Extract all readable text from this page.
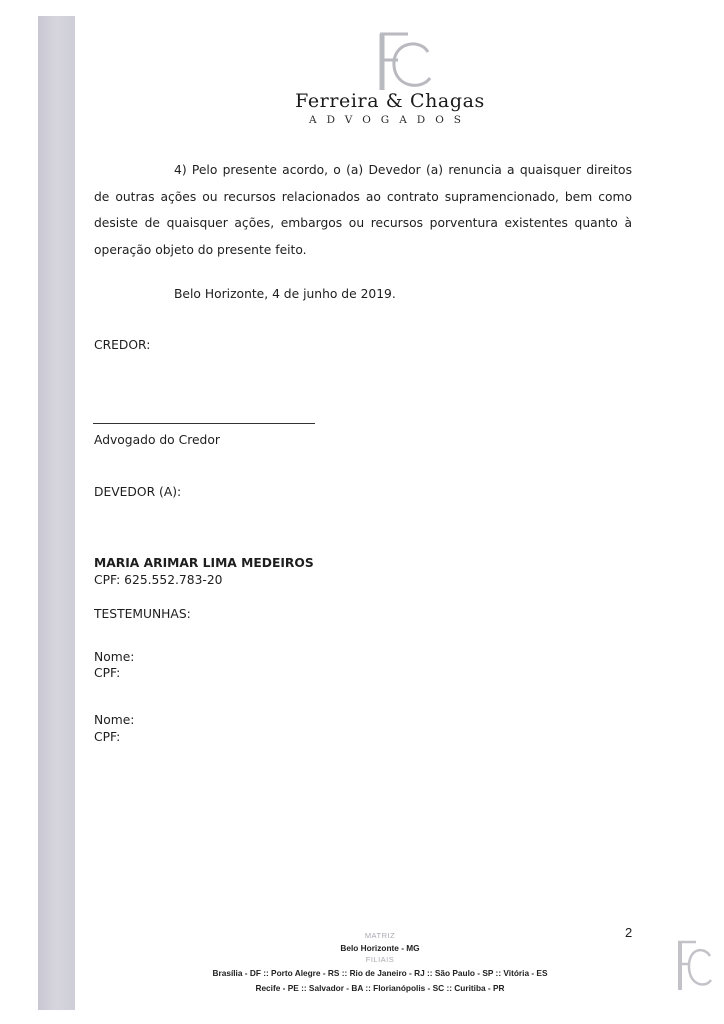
Ferreira & Chagas
ADVOGADOS
4) Pelo presente acordo, o (a) Devedor (a) renuncia a quaisquer direitos de outras ações ou recursos relacionados ao contrato supramencionado, bem como desiste de quaisquer ações, embargos ou recursos porventura existentes quanto à operação objeto do presente feito.
Belo Horizonte, 4 de junho de 2019.
CREDOR:
Advogado do Credor
DEVEDOR (A):
MARIA ARIMAR LIMA MEDEIROS
CPF: 625.552.783-20
TESTEMUNHAS:
Nome:
CPF:
Nome:
CPF:
MATRIZ
Belo Horizonte - MG
FILIAIS
Brasília - DF :: Porto Alegre - RS :: Rio de Janeiro - RJ :: São Paulo - SP :: Vitória - ES
Recife - PE :: Salvador - BA :: Florianópolis - SC :: Curitiba - PR
2
